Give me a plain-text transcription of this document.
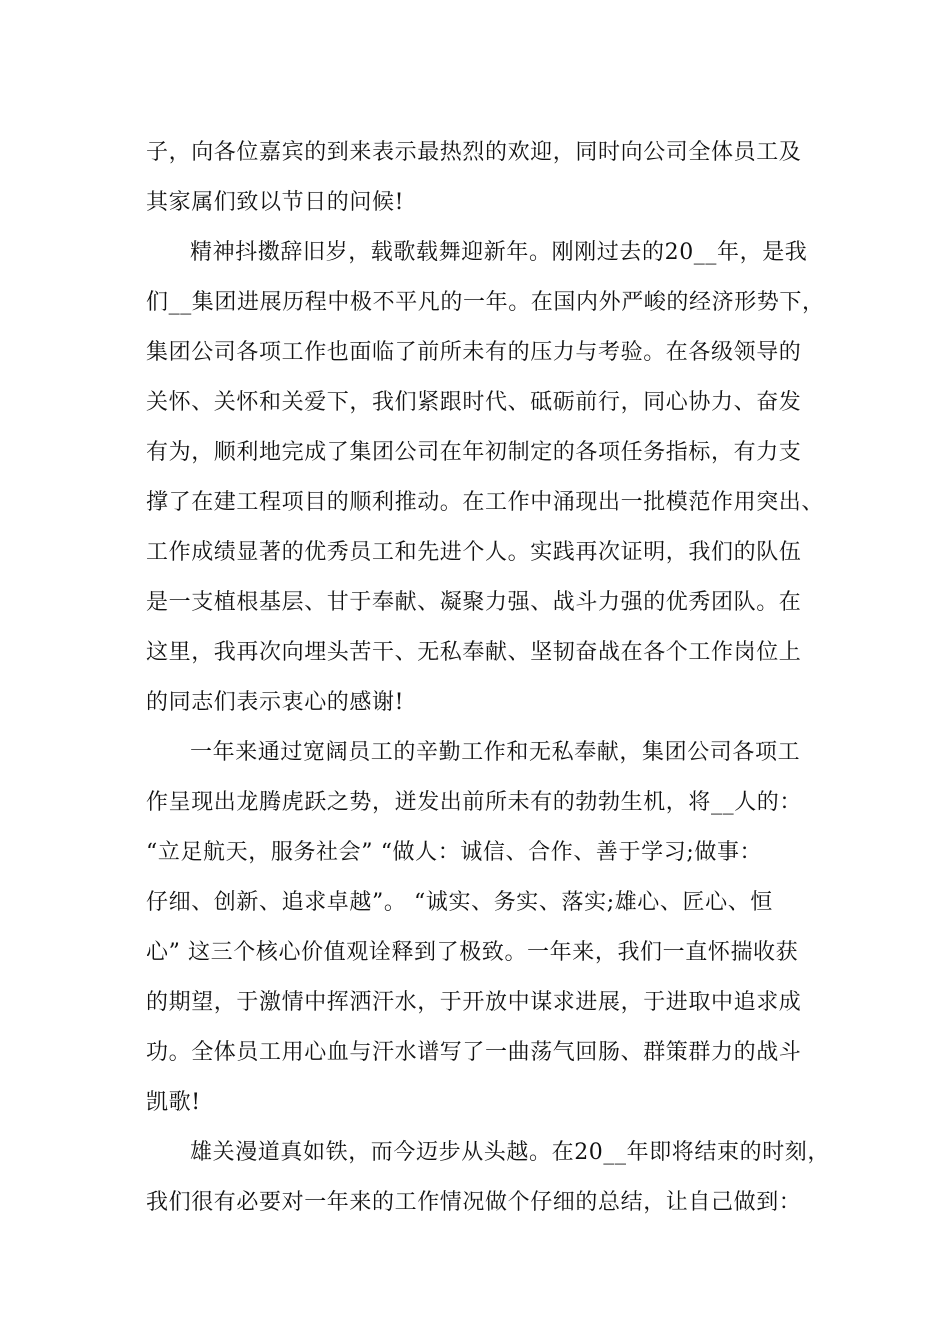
子，向各位嘉宾的到来表示最热烈的欢迎，同时向公司全体员工及
其家属们致以节日的问候!
精神抖擞辞旧岁，载歌载舞迎新年。刚刚过去的20__年，是我
们__集团进展历程中极不平凡的一年。在国内外严峻的经济形势下，
集团公司各项工作也面临了前所未有的压力与考验。在各级领导的
关怀、关怀和关爱下，我们紧跟时代、砥砺前行，同心协力、奋发
有为，顺利地完成了集团公司在年初制定的各项任务指标，有力支
撑了在建工程项目的顺利推动。在工作中涌现出一批模范作用突出、
工作成绩显著的优秀员工和先进个人。实践再次证明，我们的队伍
是一支植根基层、甘于奉献、凝聚力强、战斗力强的优秀团队。在
这里，我再次向埋头苦干、无私奉献、坚韧奋战在各个工作岗位上
的同志们表示衷心的感谢!
一年来通过宽阔员工的辛勤工作和无私奉献，集团公司各项工
作呈现出龙腾虎跃之势，迸发出前所未有的勃勃生机，将__人的：
“立足航天，服务社会” “做人：诚信、合作、善于学习;做事：
仔细、创新、追求卓越”。 “诚实、务实、落实;雄心、匠心、恒
心” 这三个核心价值观诠释到了极致。一年来，我们一直怀揣收获
的期望，于激情中挥洒汗水，于开放中谋求进展，于进取中追求成
功。全体员工用心血与汗水谱写了一曲荡气回肠、群策群力的战斗
凯歌!
雄关漫道真如铁，而今迈步从头越。在20__年即将结束的时刻，
我们很有必要对一年来的工作情况做个仔细的总结，让自己做到：
